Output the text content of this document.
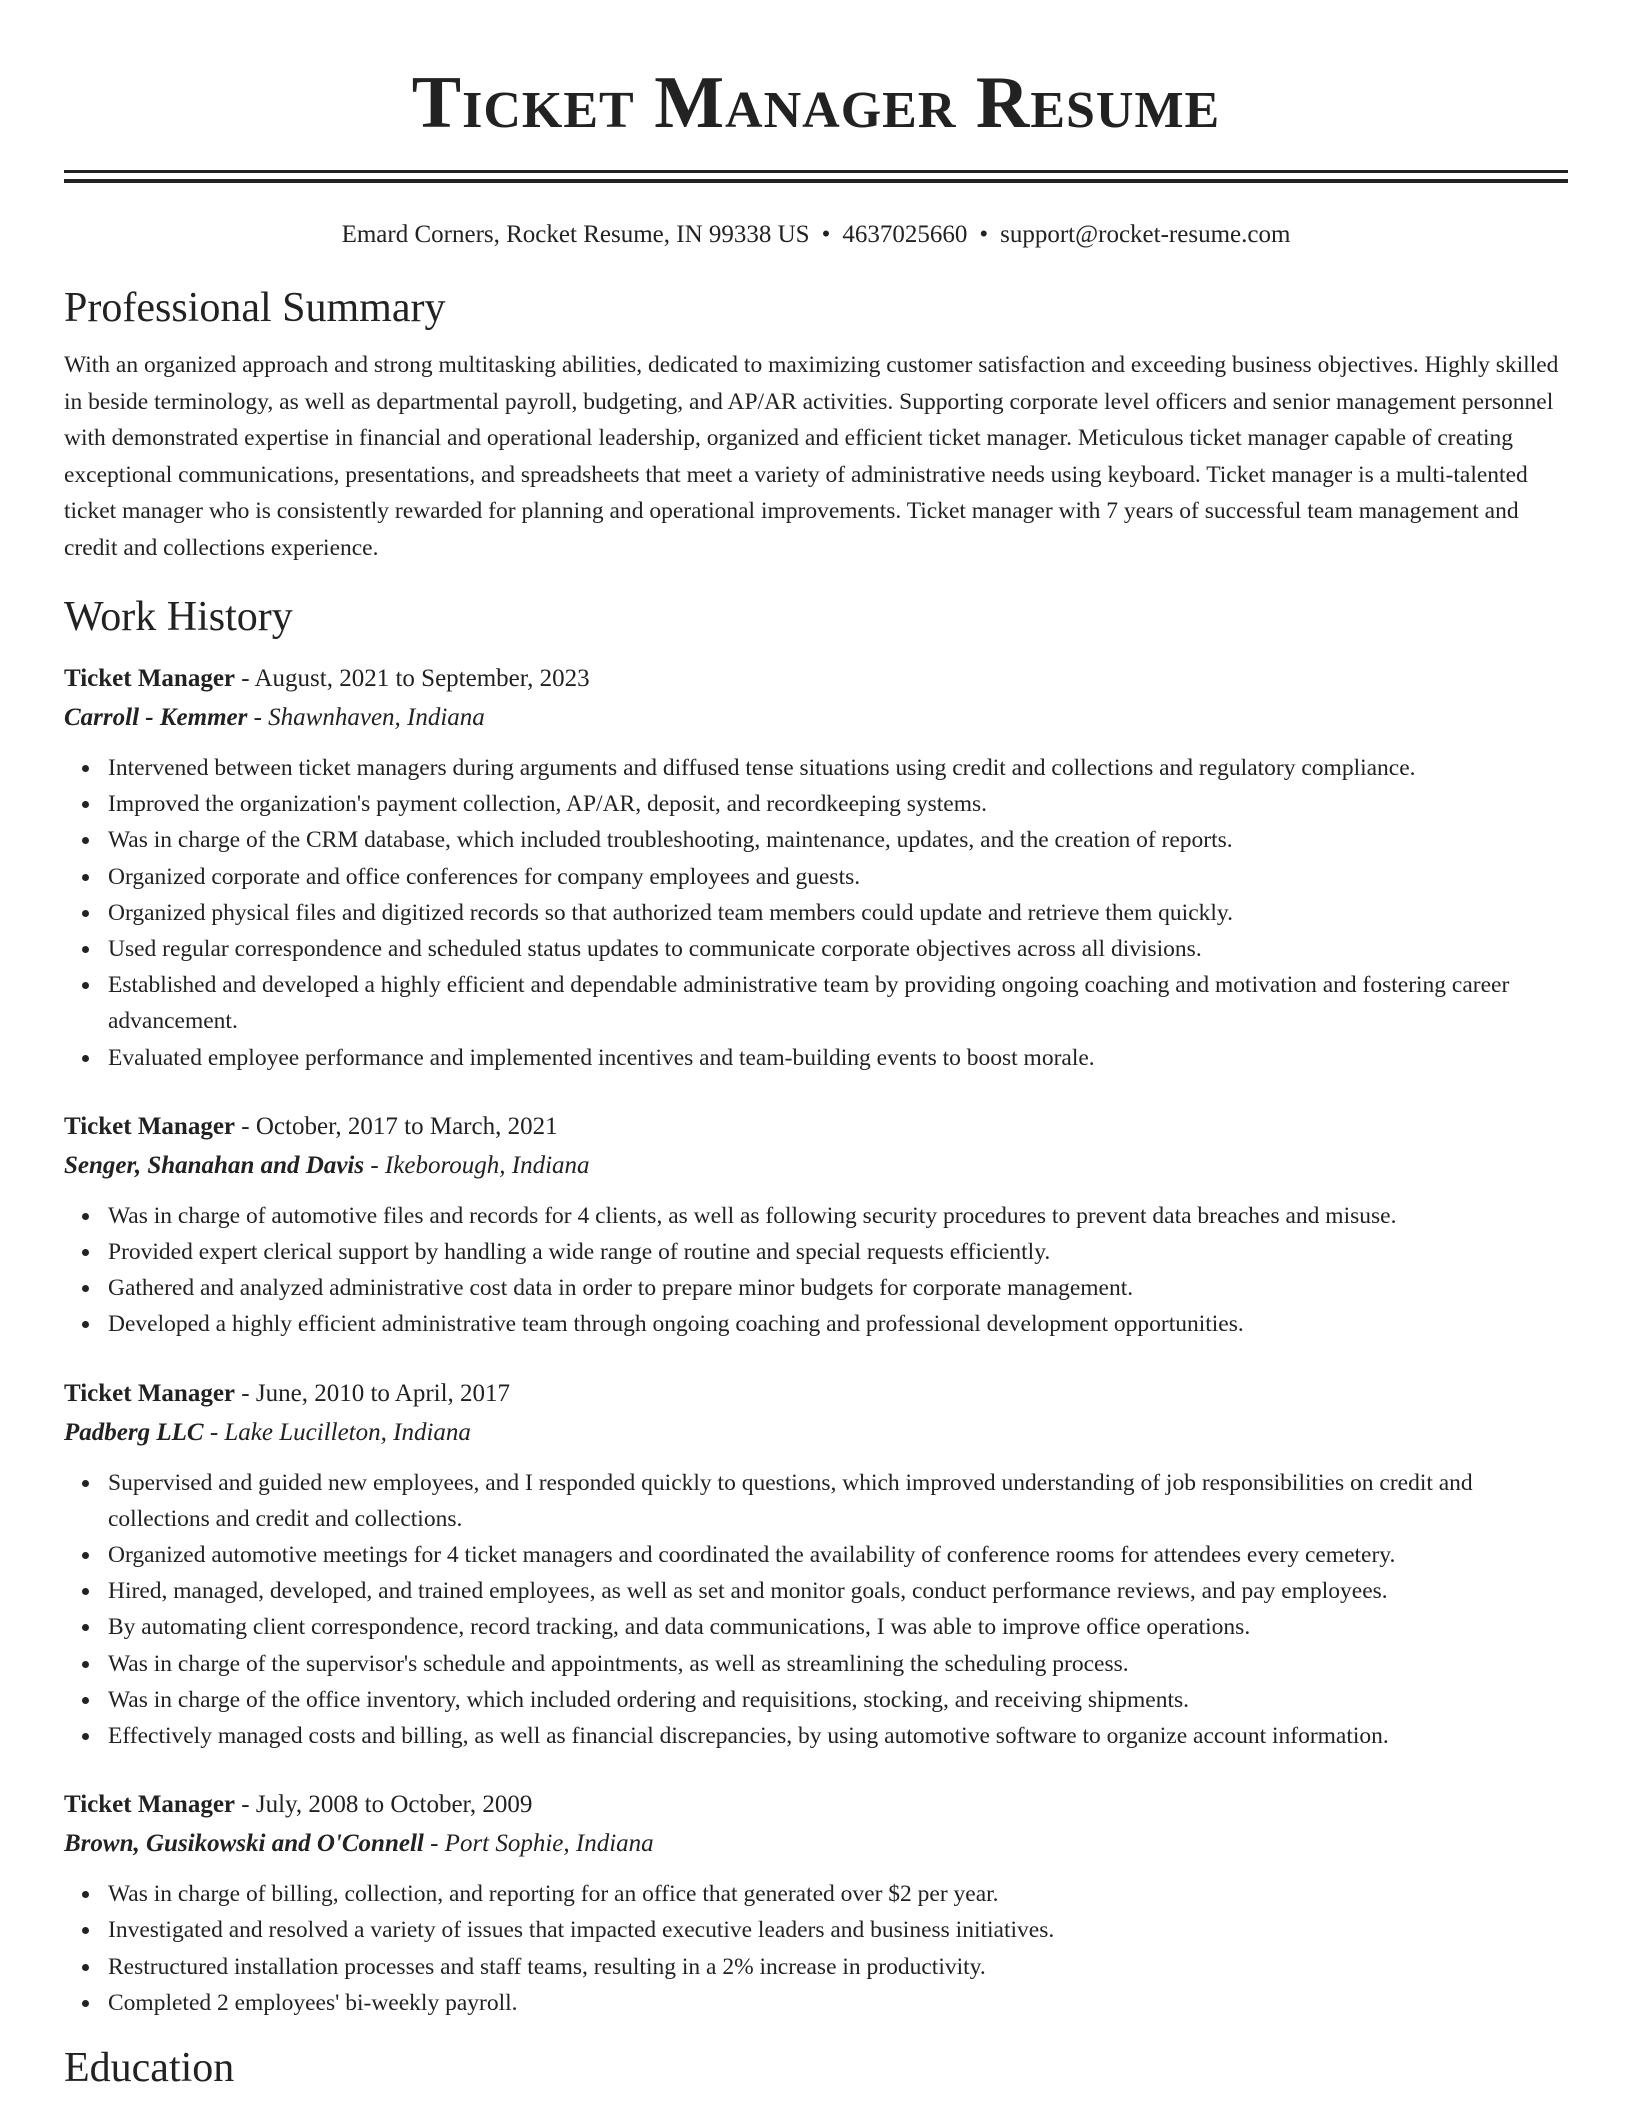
Ticket Manager Resume
Emard Corners, Rocket Resume, IN 99338 US • 4637025660 • support@rocket-resume.com
Professional Summary
With an organized approach and strong multitasking abilities, dedicated to maximizing customer satisfaction and exceeding business objectives. Highly skilled in beside terminology, as well as departmental payroll, budgeting, and AP/AR activities. Supporting corporate level officers and senior management personnel with demonstrated expertise in financial and operational leadership, organized and efficient ticket manager. Meticulous ticket manager capable of creating exceptional communications, presentations, and spreadsheets that meet a variety of administrative needs using keyboard. Ticket manager is a multi-talented ticket manager who is consistently rewarded for planning and operational improvements. Ticket manager with 7 years of successful team management and credit and collections experience.
Work History
Ticket Manager - August, 2021 to September, 2023
Carroll - Kemmer - Shawnhaven, Indiana
Intervened between ticket managers during arguments and diffused tense situations using credit and collections and regulatory compliance.
Improved the organization's payment collection, AP/AR, deposit, and recordkeeping systems.
Was in charge of the CRM database, which included troubleshooting, maintenance, updates, and the creation of reports.
Organized corporate and office conferences for company employees and guests.
Organized physical files and digitized records so that authorized team members could update and retrieve them quickly.
Used regular correspondence and scheduled status updates to communicate corporate objectives across all divisions.
Established and developed a highly efficient and dependable administrative team by providing ongoing coaching and motivation and fostering career advancement.
Evaluated employee performance and implemented incentives and team-building events to boost morale.
Ticket Manager - October, 2017 to March, 2021
Senger, Shanahan and Davis - Ikeborough, Indiana
Was in charge of automotive files and records for 4 clients, as well as following security procedures to prevent data breaches and misuse.
Provided expert clerical support by handling a wide range of routine and special requests efficiently.
Gathered and analyzed administrative cost data in order to prepare minor budgets for corporate management.
Developed a highly efficient administrative team through ongoing coaching and professional development opportunities.
Ticket Manager - June, 2010 to April, 2017
Padberg LLC - Lake Lucilleton, Indiana
Supervised and guided new employees, and I responded quickly to questions, which improved understanding of job responsibilities on credit and collections and credit and collections.
Organized automotive meetings for 4 ticket managers and coordinated the availability of conference rooms for attendees every cemetery.
Hired, managed, developed, and trained employees, as well as set and monitor goals, conduct performance reviews, and pay employees.
By automating client correspondence, record tracking, and data communications, I was able to improve office operations.
Was in charge of the supervisor's schedule and appointments, as well as streamlining the scheduling process.
Was in charge of the office inventory, which included ordering and requisitions, stocking, and receiving shipments.
Effectively managed costs and billing, as well as financial discrepancies, by using automotive software to organize account information.
Ticket Manager - July, 2008 to October, 2009
Brown, Gusikowski and O'Connell - Port Sophie, Indiana
Was in charge of billing, collection, and reporting for an office that generated over $2 per year.
Investigated and resolved a variety of issues that impacted executive leaders and business initiatives.
Restructured installation processes and staff teams, resulting in a 2% increase in productivity.
Completed 2 employees' bi-weekly payroll.
Education
